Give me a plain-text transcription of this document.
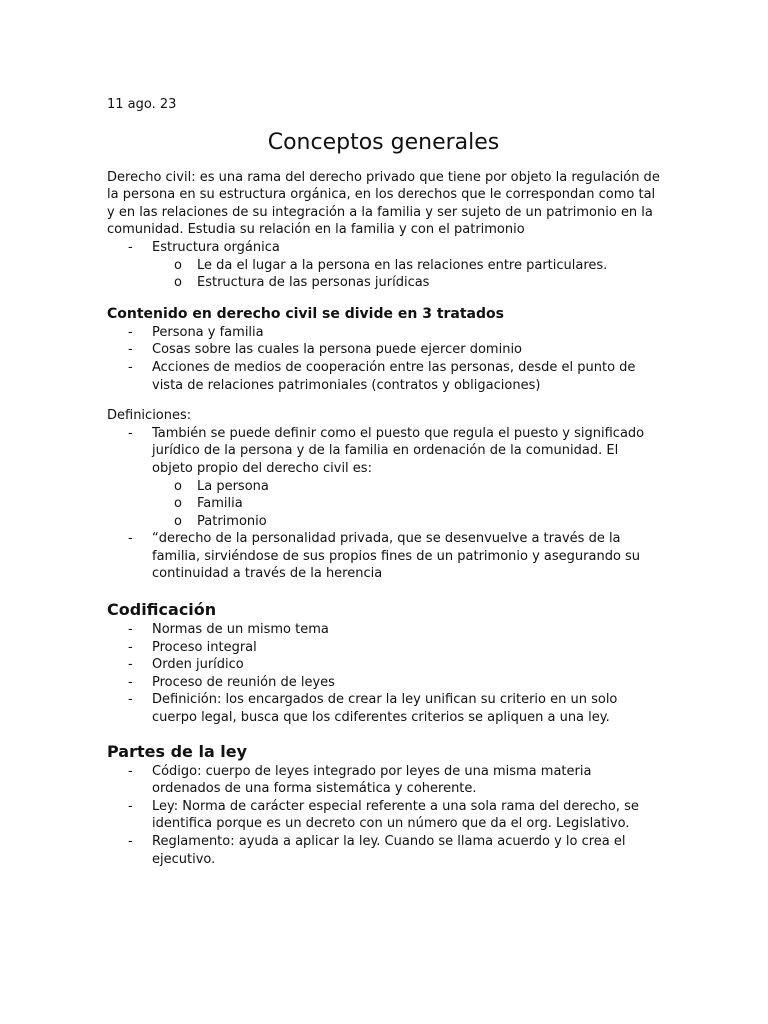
11 ago. 23

Conceptos generales

Derecho civil: es una rama del derecho privado que tiene por objeto la regulación de la persona en su estructura orgánica, en los derechos que le correspondan como tal y en las relaciones de su integración a la familia y ser sujeto de un patrimonio en la comunidad. Estudia su relación en la familia y con el patrimonio

- Estructura orgánica
o Le da el lugar a la persona en las relaciones entre particulares.
o Estructura de las personas jurídicas
Contenido en derecho civil se divide en 3 tratados
- Persona y familia
- Cosas sobre las cuales la persona puede ejercer dominio
- Acciones de medios de cooperación entre las personas, desde el punto de vista de relaciones patrimoniales (contratos y obligaciones)

Definiciones:

- También se puede definir como el puesto que regula el puesto y significado jurídico de la persona y de la familia en ordenación de la comunidad. El objeto propio del derecho civil es:
o La persona
o Familia
o Patrimonio
- “derecho de la personalidad privada, que se desenvuelve a través de la familia, sirviéndose de sus propios fines de un patrimonio y asegurando su continuidad a través de la herencia
Codificación
- Normas de un mismo tema
- Proceso integral
- Orden jurídico
- Proceso de reunión de leyes
- Definición: los encargados de crear la ley unifican su criterio en un solo cuerpo legal, busca que los cdiferentes criterios se apliquen a una ley.
Partes de la ley
- Código: cuerpo de leyes integrado por leyes de una misma materia ordenados de una forma sistemática y coherente.
- Ley: Norma de carácter especial referente a una sola rama del derecho, se identifica porque es un decreto con un número que da el org. Legislativo.
- Reglamento: ayuda a aplicar la ley. Cuando se llama acuerdo y lo crea el ejecutivo.
